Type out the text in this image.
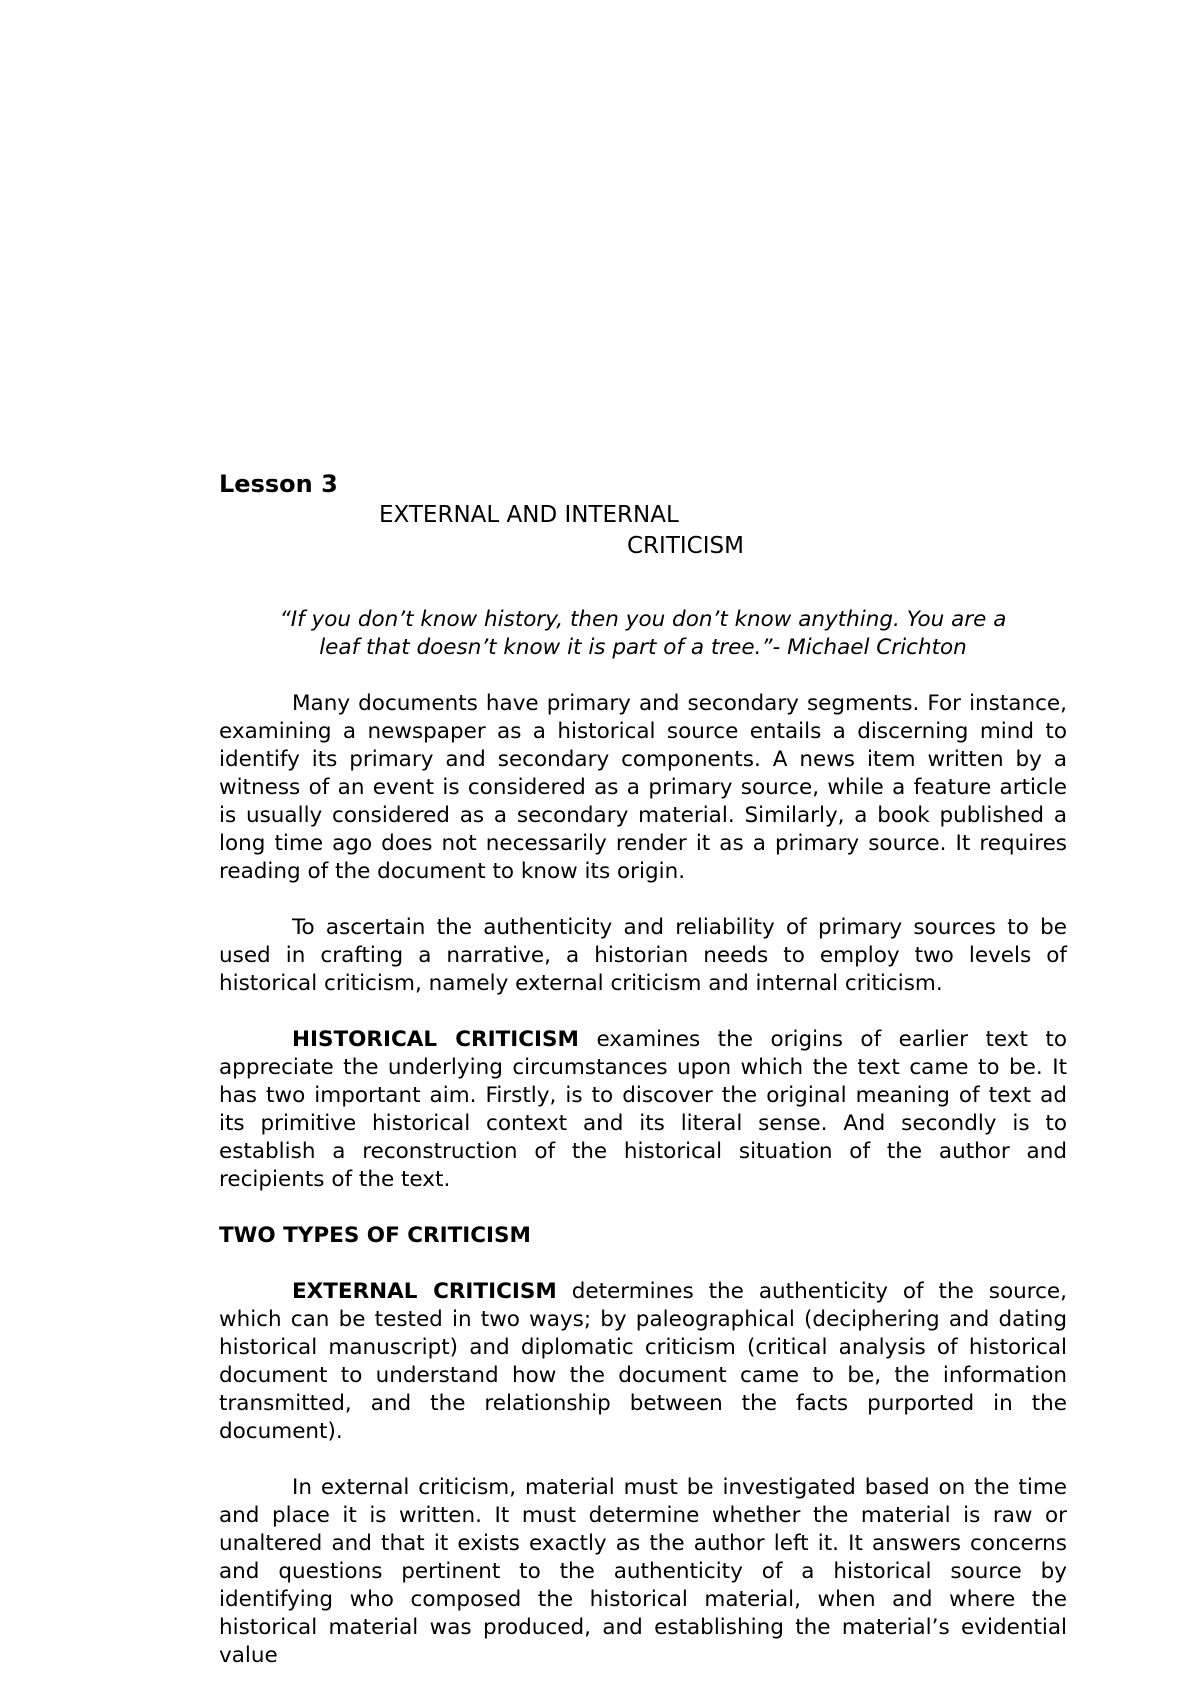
Lesson 3
EXTERNAL AND INTERNAL
CRITICISM
“If you don’t know history, then you don’t know anything. You are a
leaf that doesn’t know it is part of a tree.”- Michael Crichton

Many documents have primary and secondary segments. For instance, examining a newspaper as a historical source entails a discerning mind to identify its primary and secondary components. A news item written by a witness of an event is considered as a primary source, while a feature article is usually considered as a secondary material. Similarly, a book published a long time ago does not necessarily render it as a primary source. It requires reading of the document to know its origin.

To ascertain the authenticity and reliability of primary sources to be used in crafting a narrative, a historian needs to employ two levels of historical criticism, namely external criticism and internal criticism.

HISTORICAL CRITICISM examines the origins of earlier text to appreciate the underlying circumstances upon which the text came to be. It has two important aim. Firstly, is to discover the original meaning of text ad its primitive historical context and its literal sense. And secondly is to establish a reconstruction of the historical situation of the author and recipients of the text.

TWO TYPES OF CRITICISM

EXTERNAL CRITICISM determines the authenticity of the source, which can be tested in two ways; by paleographical (deciphering and dating historical manuscript) and diplomatic criticism (critical analysis of historical document to understand how the document came to be, the information transmitted, and the relationship between the facts purported in the document).

In external criticism, material must be investigated based on the time and place it is written. It must determine whether the material is raw or unaltered and that it exists exactly as the author left it. It answers concerns and questions pertinent to the authenticity of a historical source by identifying who composed the historical material, when and where the historical material was produced, and establishing the material’s evidential value
